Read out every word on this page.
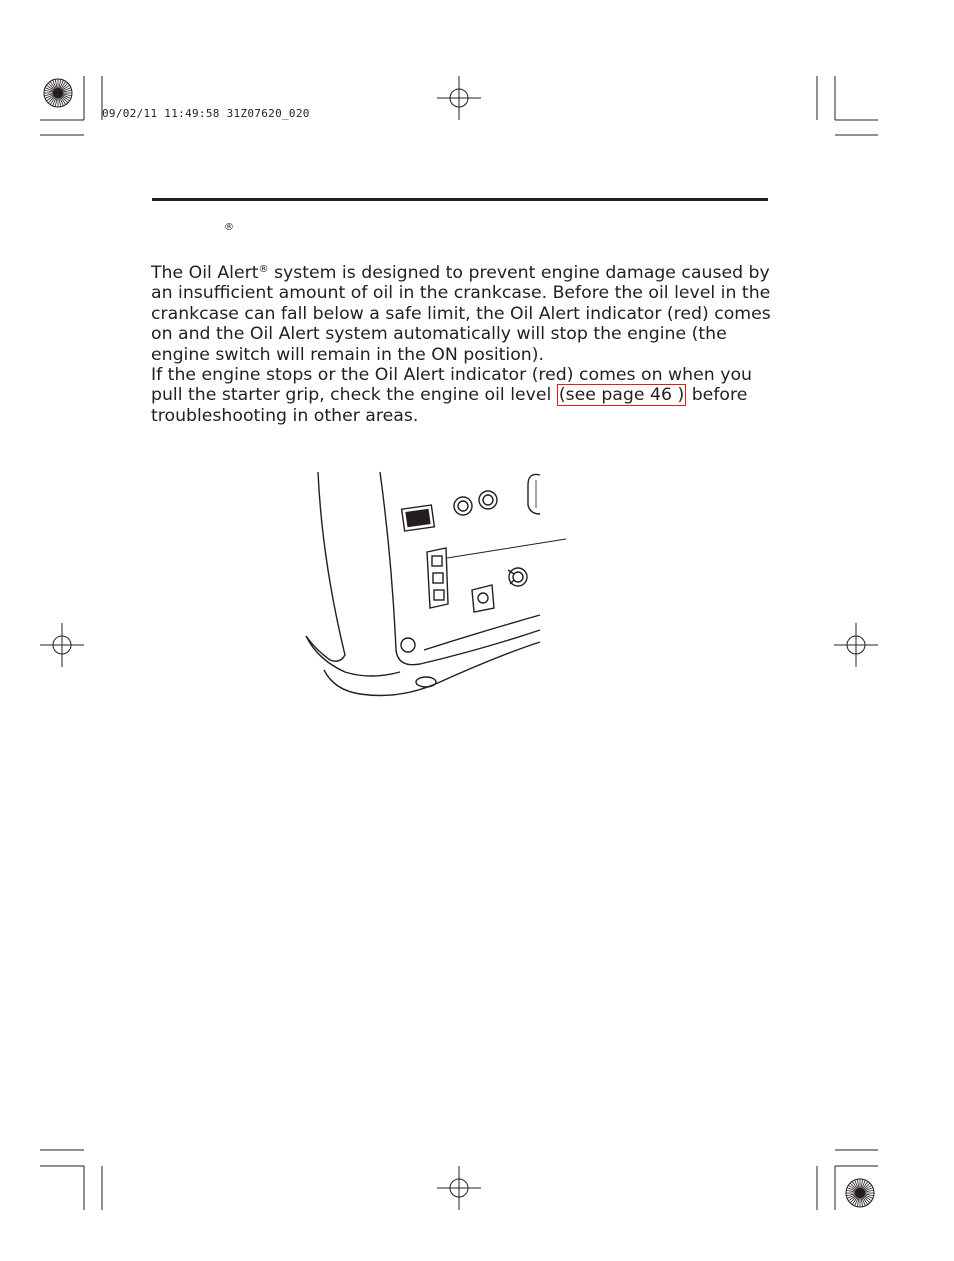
09/02/11 11:49:58 31Z07620_020
®

The Oil Alert® system is designed to prevent engine damage caused by an insufficient amount of oil in the crankcase. Before the oil level in the crankcase can fall below a safe limit, the Oil Alert indicator (red) comes on and the Oil Alert system automatically will stop the engine (the engine switch will remain in the ON position).

If the engine stops or the Oil Alert indicator (red) comes on when you pull the starter grip, check the engine oil level (see page 46 ) before troubleshooting in other areas.
